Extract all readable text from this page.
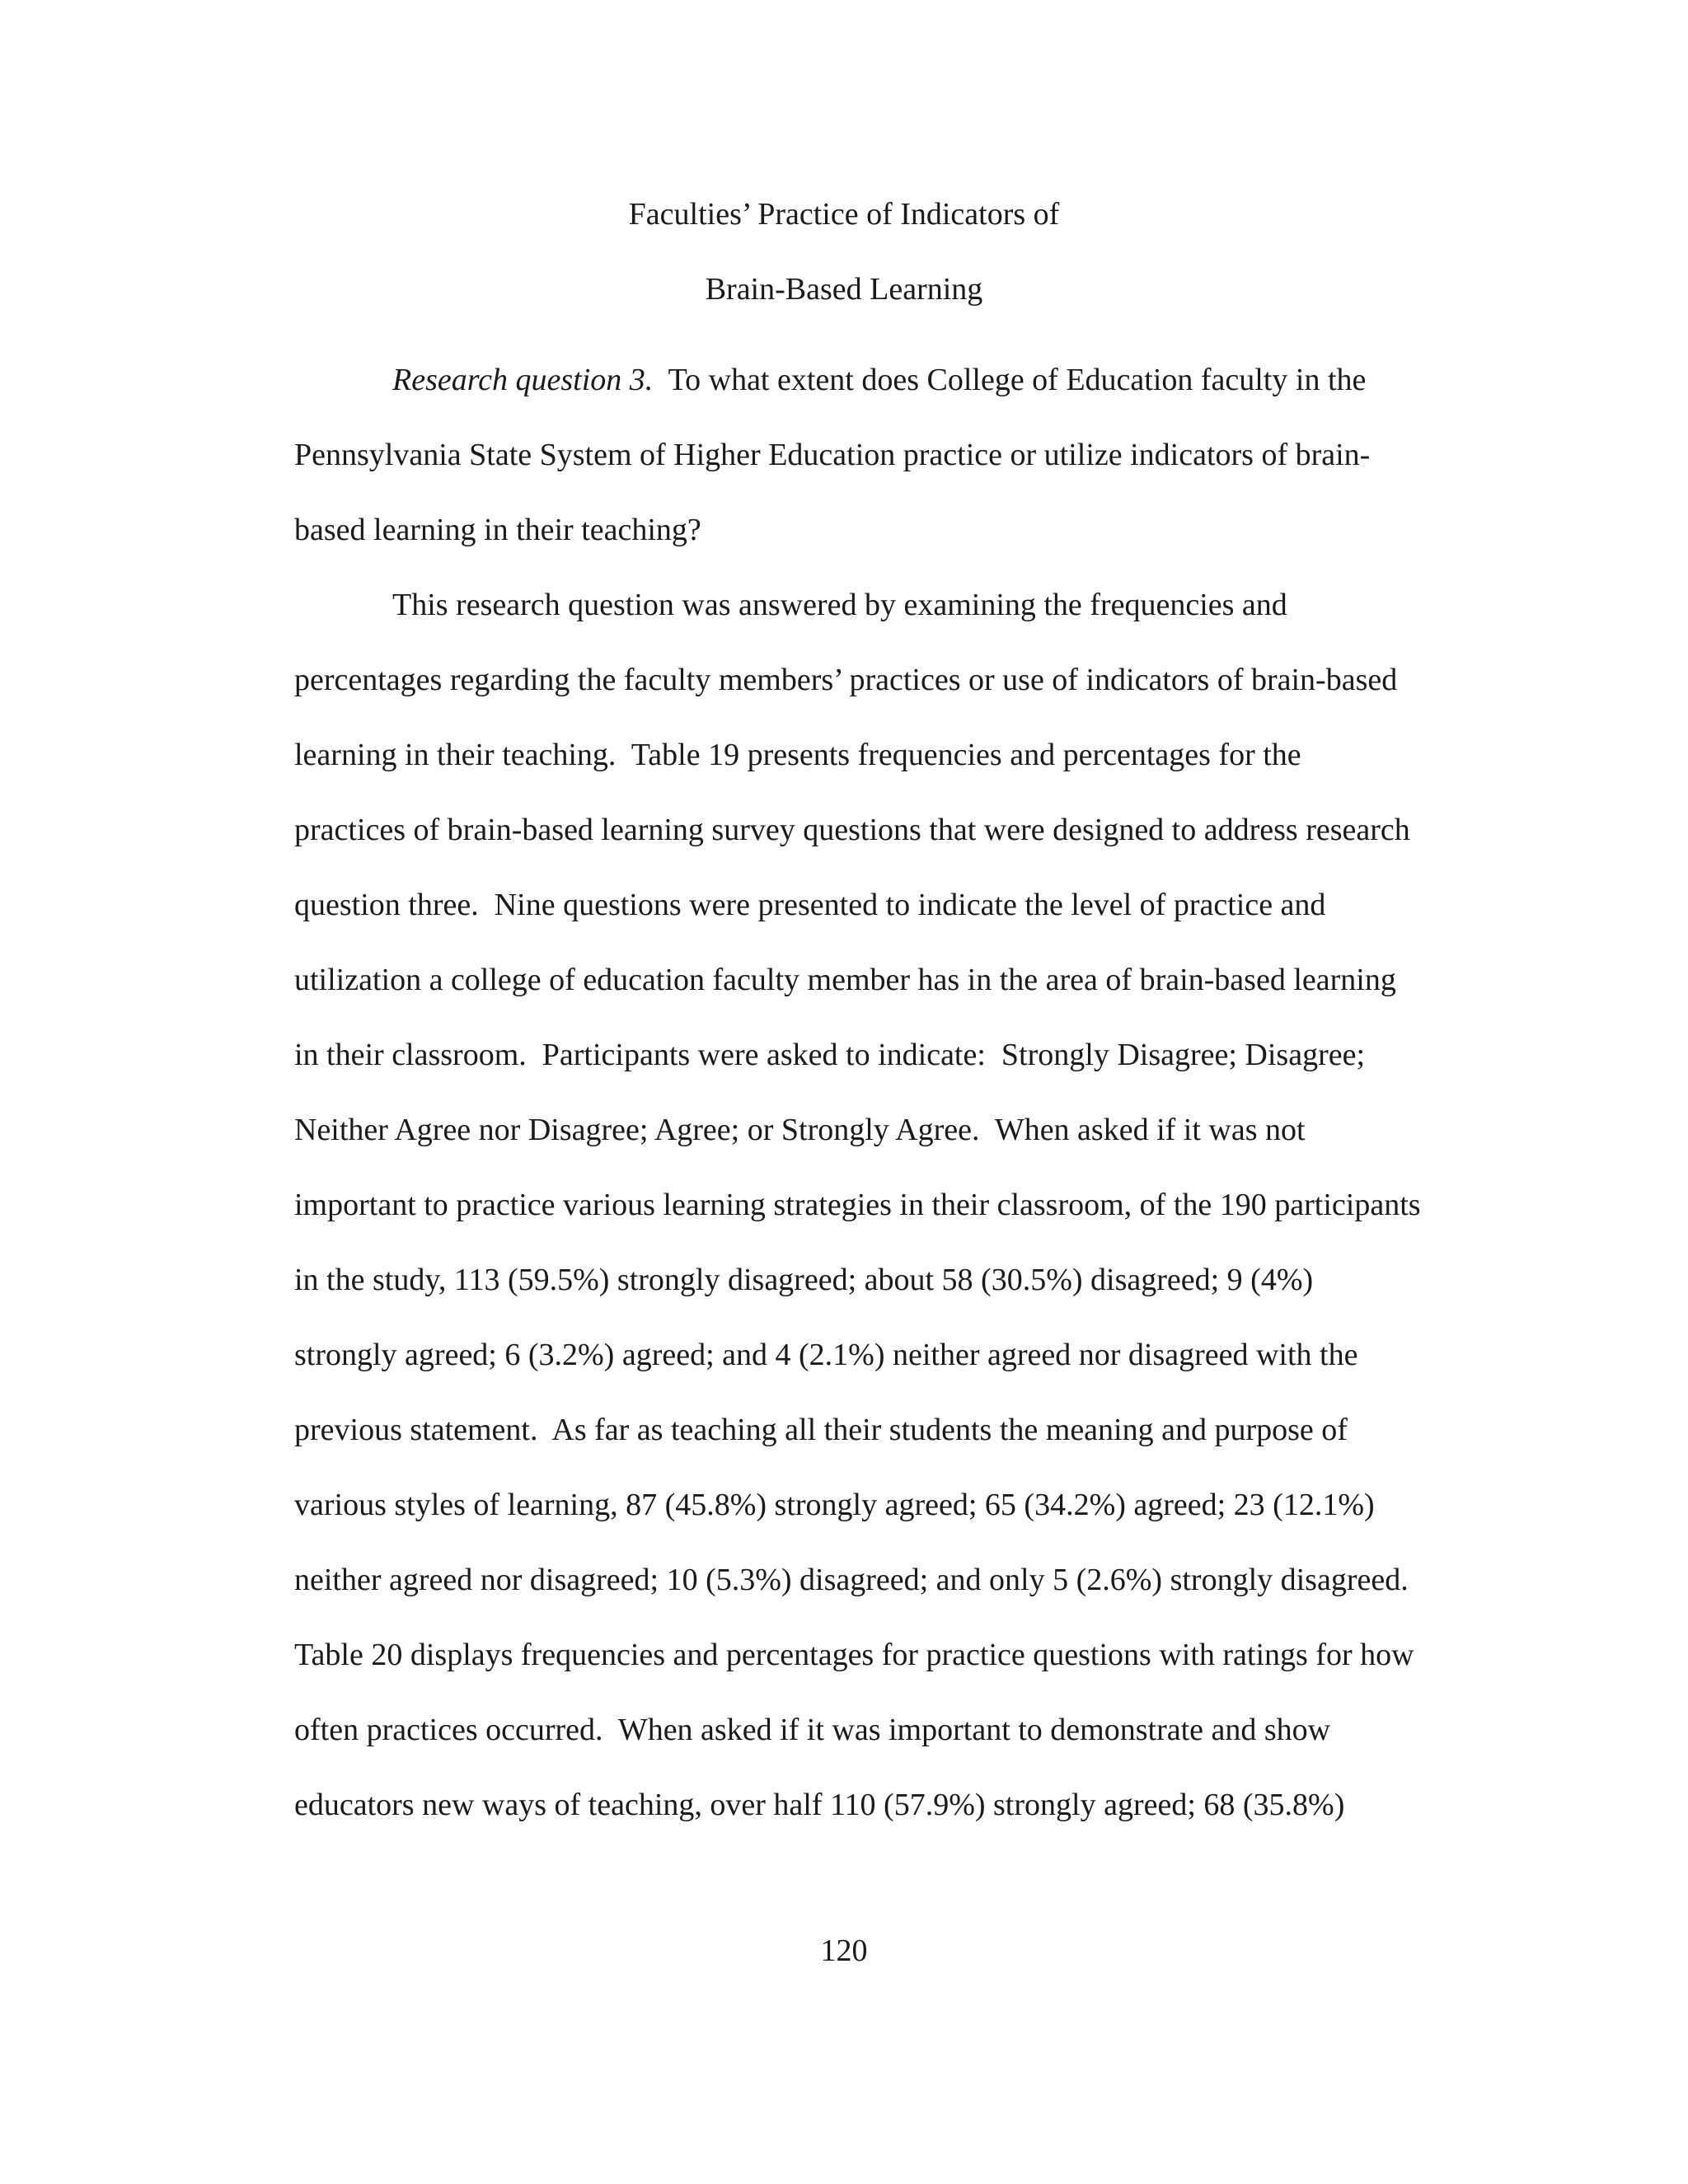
Faculties’ Practice of Indicators of
Brain-Based Learning
Research question 3.  To what extent does College of Education faculty in the
Pennsylvania State System of Higher Education practice or utilize indicators of brain-
based learning in their teaching?
This research question was answered by examining the frequencies and
percentages regarding the faculty members’ practices or use of indicators of brain-based
learning in their teaching.  Table 19 presents frequencies and percentages for the
practices of brain-based learning survey questions that were designed to address research
question three.  Nine questions were presented to indicate the level of practice and
utilization a college of education faculty member has in the area of brain-based learning
in their classroom.  Participants were asked to indicate:  Strongly Disagree; Disagree;
Neither Agree nor Disagree; Agree; or Strongly Agree.  When asked if it was not
important to practice various learning strategies in their classroom, of the 190 participants
in the study, 113 (59.5%) strongly disagreed; about 58 (30.5%) disagreed; 9 (4%)
strongly agreed; 6 (3.2%) agreed; and 4 (2.1%) neither agreed nor disagreed with the
previous statement.  As far as teaching all their students the meaning and purpose of
various styles of learning, 87 (45.8%) strongly agreed; 65 (34.2%) agreed; 23 (12.1%)
neither agreed nor disagreed; 10 (5.3%) disagreed; and only 5 (2.6%) strongly disagreed.
Table 20 displays frequencies and percentages for practice questions with ratings for how
often practices occurred.  When asked if it was important to demonstrate and show
educators new ways of teaching, over half 110 (57.9%) strongly agreed; 68 (35.8%)
120
